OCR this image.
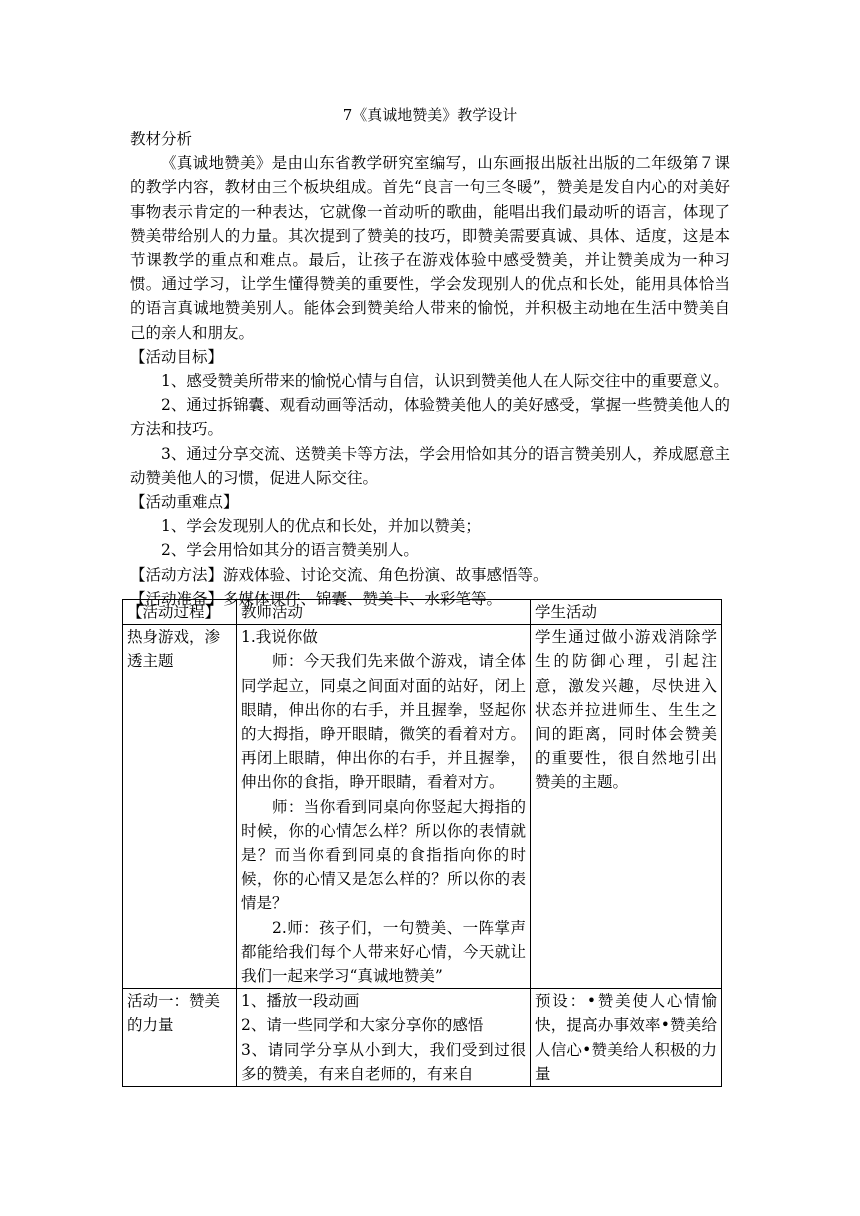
7《真诚地赞美》教学设计

教材分析

《真诚地赞美》是由山东省教学研究室编写，山东画报出版社出版的二年级第７课的教学内容，教材由三个板块组成。首先“良言一句三冬暖”，赞美是发自内心的对美好事物表示肯定的一种表达，它就像一首动听的歌曲，能唱出我们最动听的语言，体现了赞美带给别人的力量。其次提到了赞美的技巧，即赞美需要真诚、具体、适度，这是本节课教学的重点和难点。最后，让孩子在游戏体验中感受赞美，并让赞美成为一种习惯。通过学习，让学生懂得赞美的重要性，学会发现别人的优点和长处，能用具体恰当的语言真诚地赞美别人。能体会到赞美给人带来的愉悦，并积极主动地在生活中赞美自己的亲人和朋友。

【活动目标】

1、感受赞美所带来的愉悦心情与自信，认识到赞美他人在人际交往中的重要意义。

2、通过拆锦囊、观看动画等活动，体验赞美他人的美好感受，掌握一些赞美他人的方法和技巧。

3、通过分享交流、送赞美卡等方法，学会用恰如其分的语言赞美别人，养成愿意主动赞美他人的习惯，促进人际交往。

【活动重难点】

1、学会发现别人的优点和长处，并加以赞美；

2、学会用恰如其分的语言赞美别人。

【活动方法】游戏体验、讨论交流、角色扮演、故事感悟等。

【活动准备】多媒体课件、锦囊、赞美卡、水彩笔等。

【活动过程】	教师活动	学生活动
热身游戏，渗透主题	1.我说你做

师：今天我们先来做个游戏，请全体同学起立，同桌之间面对面的站好，闭上眼睛，伸出你的右手，并且握拳，竖起你的大拇指，睁开眼睛，微笑的看着对方。再闭上眼睛，伸出你的右手，并且握拳，伸出你的食指，睁开眼睛，看着对方。

师：当你看到同桌向你竖起大拇指的时候，你的心情怎么样？所以你的表情就是？而当你看到同桌的食指指向你的时候，你的心情又是怎么样的？所以你的表情是？

2.师：孩子们，一句赞美、一阵掌声都能给我们每个人带来好心情，今天就让我们一起来学习“真诚地赞美”	学生通过做小游戏消除学生的防御心理，引起注意，激发兴趣，尽快进入状态并拉进师生、生生之间的距离，同时体会赞美的重要性，很自然地引出赞美的主题。
活动一：赞美的力量	1、播放一段动画

2、请一些同学和大家分享你的感悟

3、请同学分享从小到大，我们受到过很多的赞美，有来自老师的，有来自	预设：•赞美使人心情愉快，提高办事效率•赞美给人信心•赞美给人积极的力量
